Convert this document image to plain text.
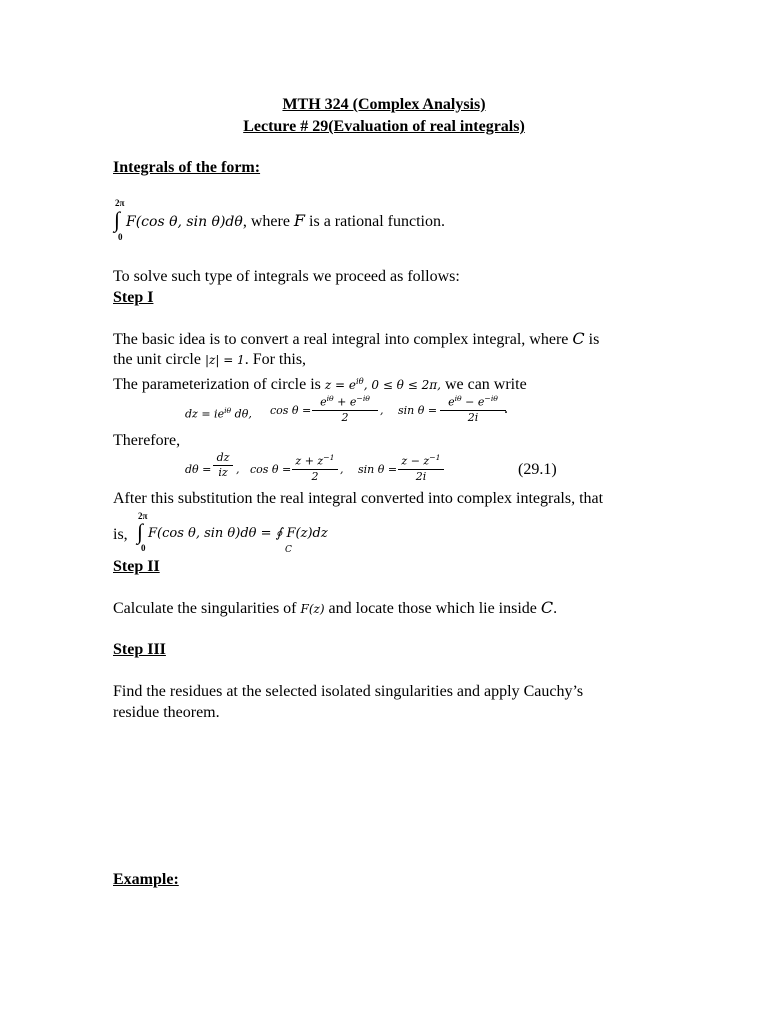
MTH 324 (Complex Analysis)
Lecture # 29(Evaluation of real integrals)
Integrals of the form:
2π
∫
0
F(cos θ, sin θ)dθ, where F is a rational function.
To solve such type of integrals we proceed as follows:
Step I
The basic idea is to convert a real integral into complex integral, where C is
the unit circle |z| = 1. For this,
The parameterization of circle is $z = e^{i\theta}$, 0 ≤ θ ≤ 2π, we can write
dz = $ie^{i\theta}$ dθ, cos θ =
$e^{i\theta} + e^{-i\theta}$
2
, sin θ =
$e^{i\theta} - e^{-i\theta}$
2i
.
Therefore,
$d\theta = \frac{dz}{iz}$ , $\cos \theta = \frac{z + z^{-1}}{2}$ , $\sin \theta = \frac{z - z^{-1}}{2i}$	(29.1)
After this substitution the real integral converted into complex integrals, that
is,
2π
∫
0
F(cos θ, sin θ)dθ = ∮ F(z)dz
C
Step II
Calculate the singularities of F(z) and locate those which lie inside C.
Step III
Find the residues at the selected isolated singularities and apply Cauchy’s
residue theorem.
Example:
